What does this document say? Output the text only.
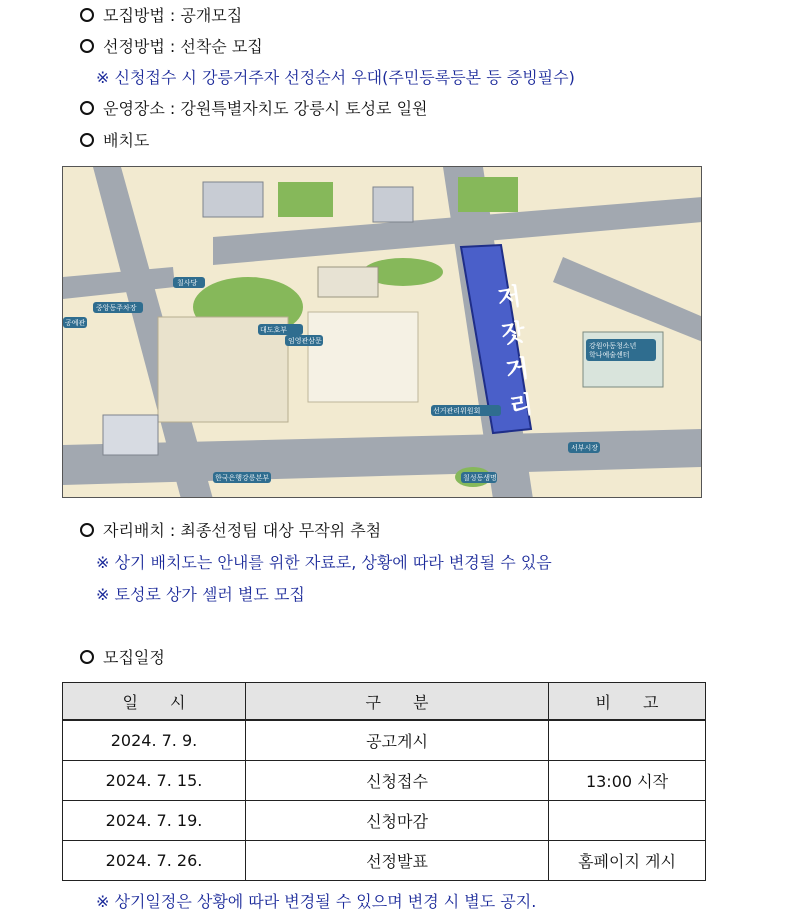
모집방법 : 공개모집
선정방법 : 선착순 모집
※ 신청접수 시 강릉거주자 선정순서 우대(주민등록등본 등 증빙필수)
운영장소 : 강원특별자치도 강릉시 토성로 일원
배치도
저
잣
거
리
칠사당
중앙동주차장
임영관삼문
대도호부
선거관리위원회
강원아동청소년
학나예술센터
칠성동생명
한국은행강릉본부
서부시장
공예관
자리배치 : 최종선정팀 대상 무작위 추첨
※ 상기 배치도는 안내를 위한 자료로, 상황에 따라 변경될 수 있음
※ 토성로 상가 셀러 별도 모집
모집일정
일　　시	구　　분	비　　고
2024. 7. 9.	공고게시	
2024. 7. 15.	신청접수	13:00 시작
2024. 7. 19.	신청마감	
2024. 7. 26.	선정발표	홈페이지 게시
※ 상기일정은 상황에 따라 변경될 수 있으며 변경 시 별도 공지.
